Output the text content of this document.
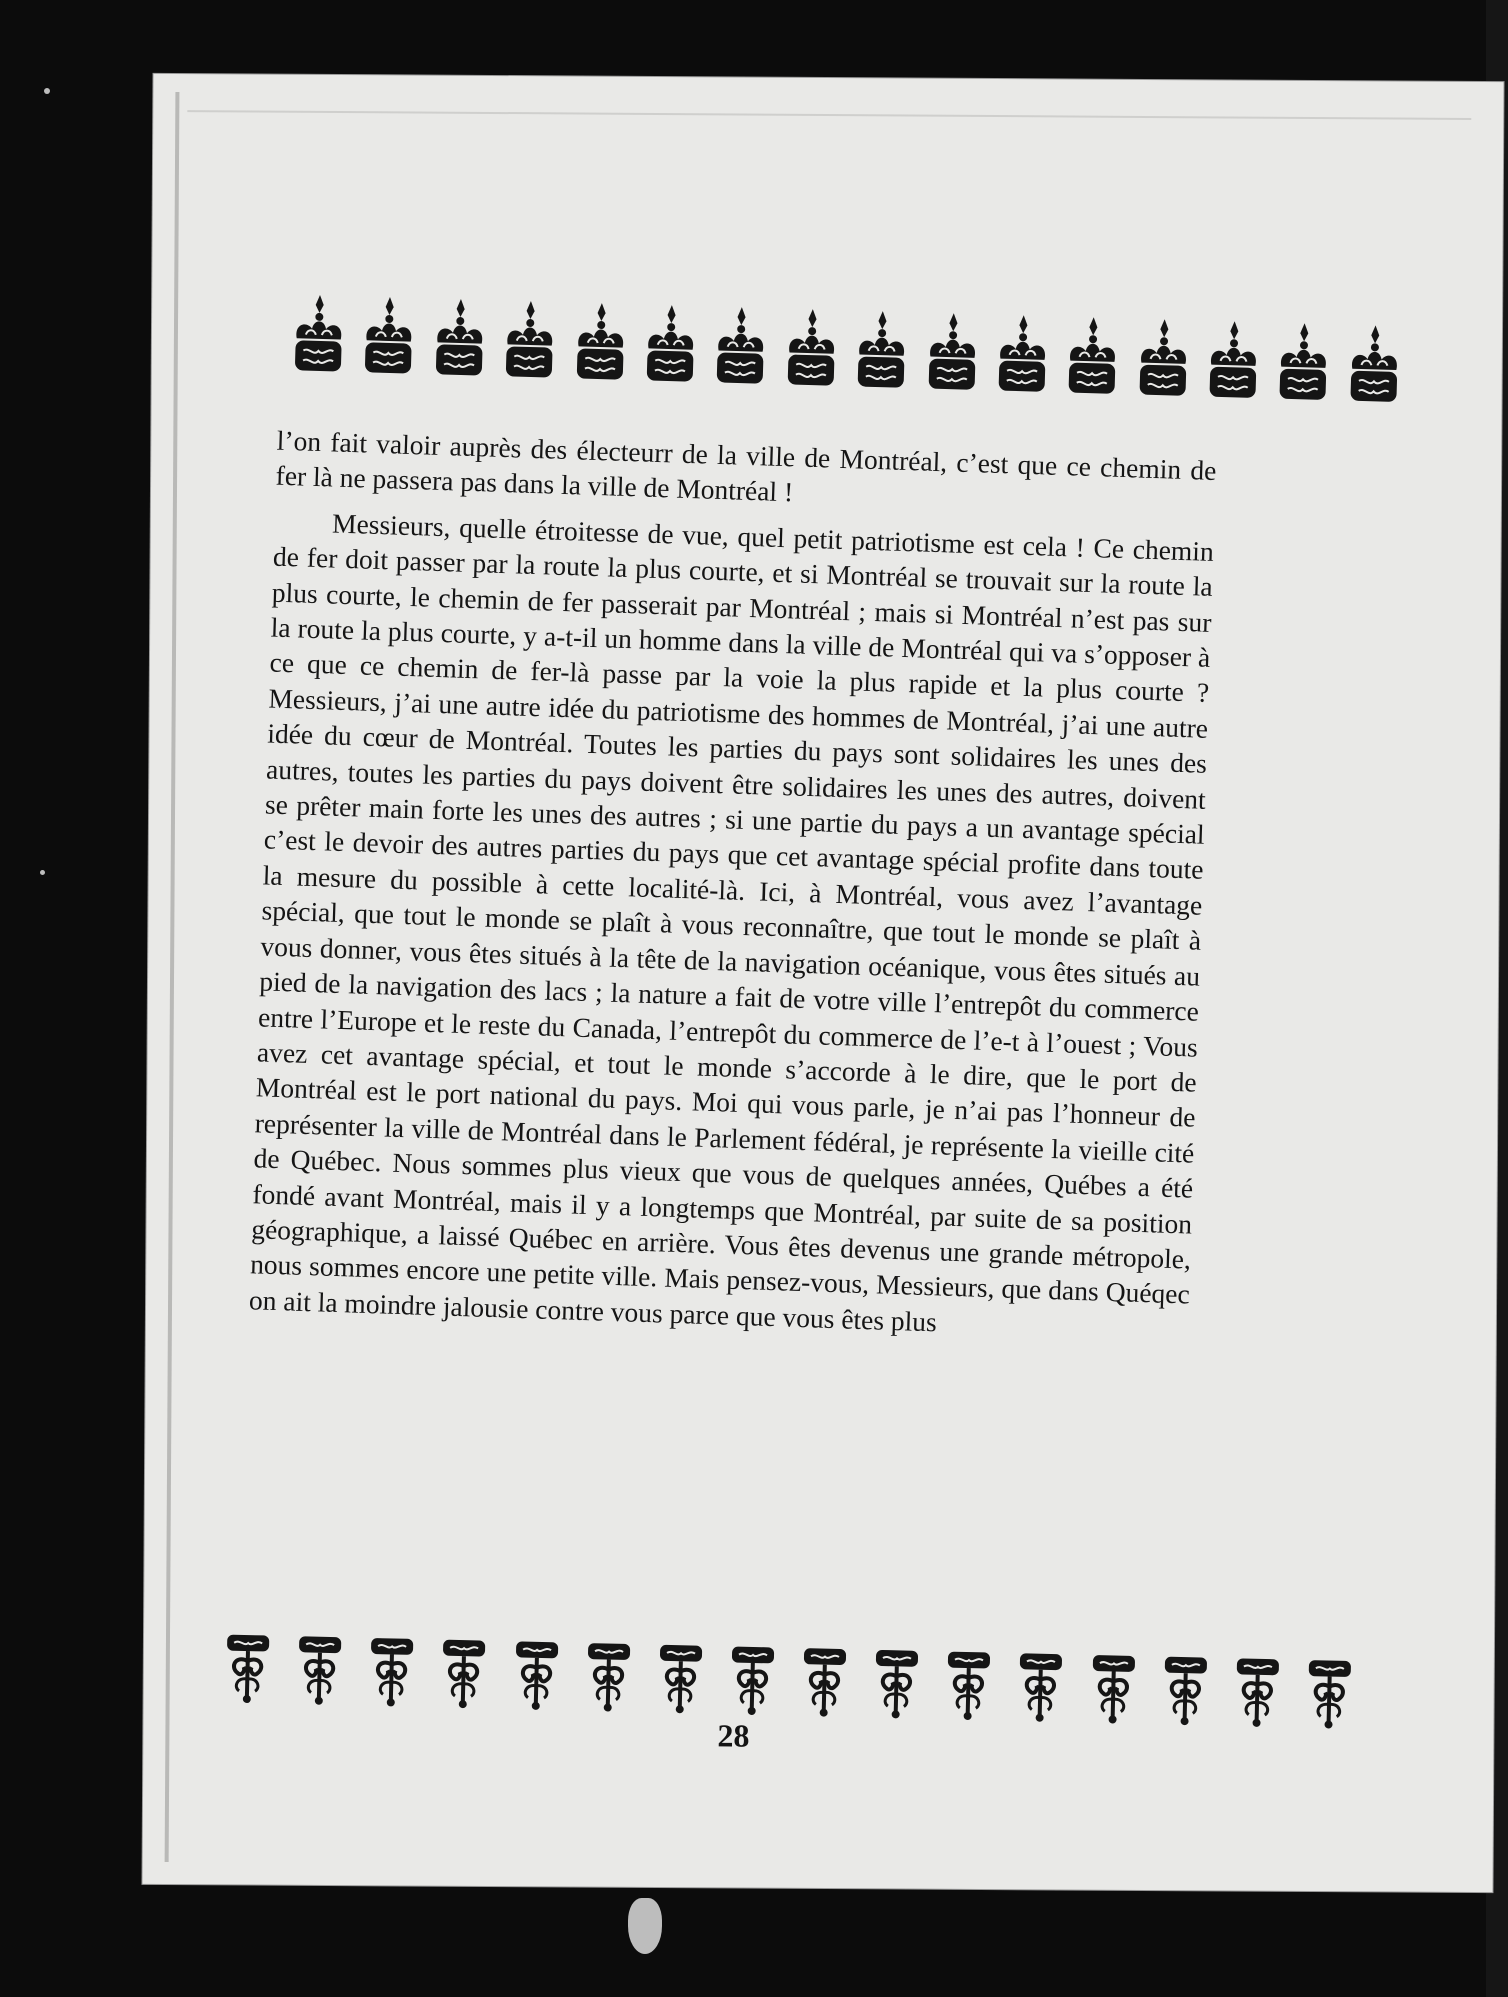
l’on fait valoir auprès des électeurr de la ville de Montréal, c’est que ce chemin de fer là ne passera pas dans la ville de Montréal !

Messieurs, quelle étroitesse de vue, quel petit patriotisme est cela ! Ce chemin de fer doit passer par la route la plus courte, et si Montréal se trouvait sur la route la plus courte, le chemin de fer passerait par Montréal ; mais si Montréal n’est pas sur la route la plus courte, y a-t-il un homme dans la ville de Montréal qui va s’opposer à ce que ce chemin de fer-là passe par la voie la plus rapide et la plus courte ? Messieurs, j’ai une autre idée du patriotisme des hommes de Montréal, j’ai une autre idée du cœur de Montréal. Toutes les parties du pays sont solidaires les unes des autres, toutes les parties du pays doivent être solidaires les unes des autres, doivent se prêter main forte les unes des autres ; si une partie du pays a un avantage spécial c’est le devoir des autres parties du pays que cet avantage spécial profite dans toute la mesure du possible à cette localité-là. Ici, à Montréal, vous avez l’avantage spécial, que tout le monde se plaît à vous reconnaître, que tout le monde se plaît à vous donner, vous êtes situés à la tête de la navigation océanique, vous êtes situés au pied de la navigation des lacs ; la nature a fait de votre ville l’entrepôt du commerce entre l’Europe et le reste du Canada, l’entrepôt du commerce de l’e-t à l’ouest ; Vous avez cet avantage spécial, et tout le monde s’accorde à le dire, que le port de Montréal est le port national du pays. Moi qui vous parle, je n’ai pas l’honneur de représenter la ville de Montréal dans le Parlement fédéral, je représente la vieille cité de Québec. Nous sommes plus vieux que vous de quelques années, Québes a été fondé avant Montréal, mais il y a longtemps que Montréal, par suite de sa position géographique, a laissé Québec en arrière. Vous êtes devenus une grande métropole, nous sommes encore une petite ville. Mais pensez-vous, Messieurs, que dans Quéqec on ait la moindre jalousie contre vous parce que vous êtes plus

28
